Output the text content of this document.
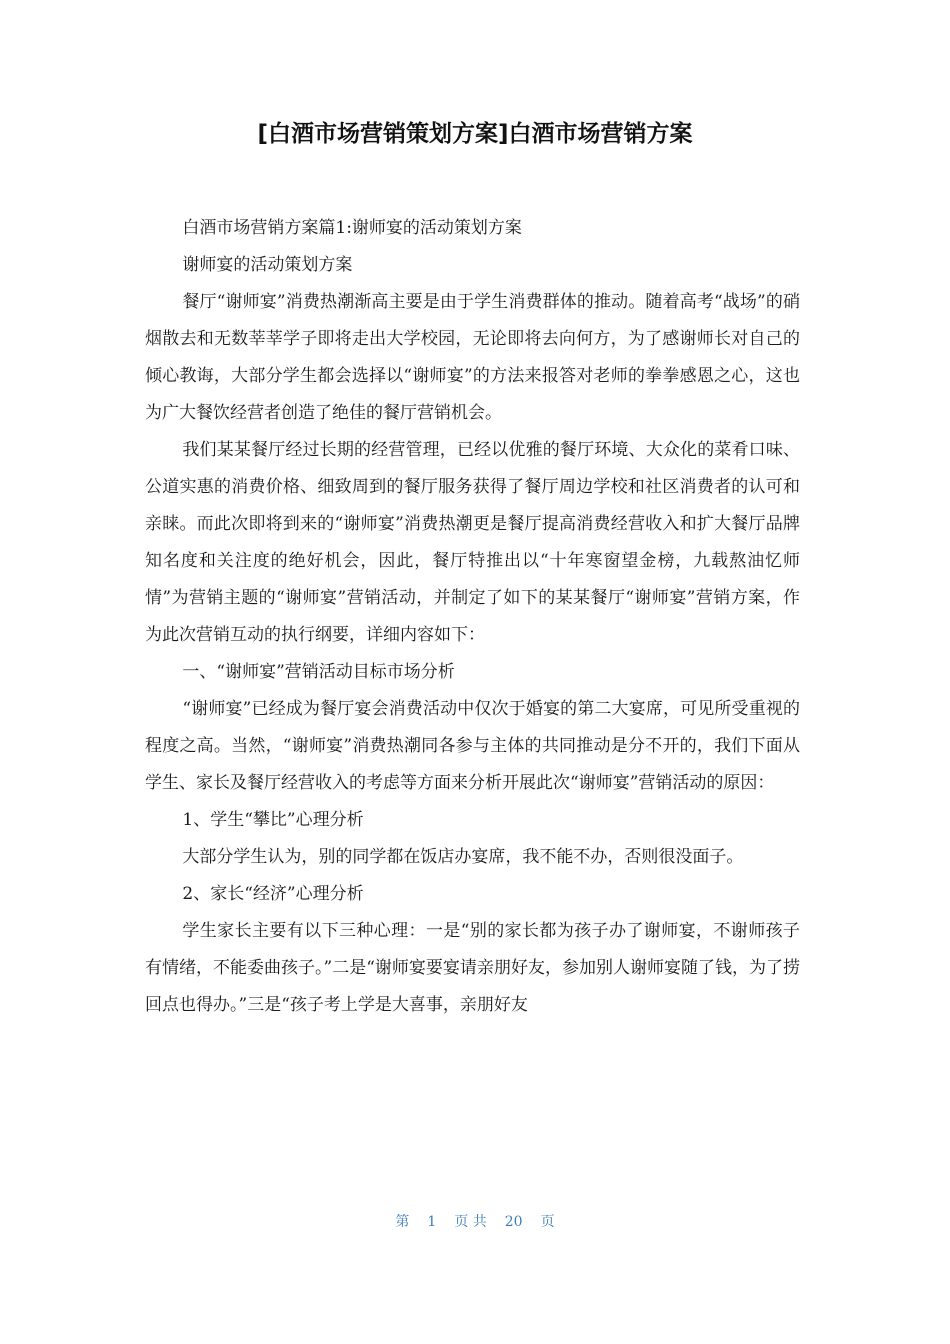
[白酒市场营销策划方案]白酒市场营销方案

白酒市场营销方案篇1:谢师宴的活动策划方案

谢师宴的活动策划方案

餐厅“谢师宴”消费热潮渐高主要是由于学生消费群体的推动。随着高考“战场”的硝烟散去和无数莘莘学子即将走出大学校园，无论即将去向何方，为了感谢师长对自己的倾心教诲，大部分学生都会选择以“谢师宴”的方法来报答对老师的拳拳感恩之心，这也为广大餐饮经营者创造了绝佳的餐厅营销机会。

我们某某餐厅经过长期的经营管理，已经以优雅的餐厅环境、大众化的菜肴口味、公道实惠的消费价格、细致周到的餐厅服务获得了餐厅周边学校和社区消费者的认可和亲睐。而此次即将到来的“谢师宴”消费热潮更是餐厅提高消费经营收入和扩大餐厅品牌知名度和关注度的绝好机会，因此，餐厅特推出以“十年寒窗望金榜，九载熬油忆师情”为营销主题的“谢师宴”营销活动，并制定了如下的某某餐厅“谢师宴”营销方案，作为此次营销互动的执行纲要，详细内容如下：

一、“谢师宴”营销活动目标市场分析

“谢师宴”已经成为餐厅宴会消费活动中仅次于婚宴的第二大宴席，可见所受重视的程度之高。当然，“谢师宴”消费热潮同各参与主体的共同推动是分不开的，我们下面从学生、家长及餐厅经营收入的考虑等方面来分析开展此次“谢师宴”营销活动的原因：

1、学生“攀比”心理分析

大部分学生认为，别的同学都在饭店办宴席，我不能不办，否则很没面子。

2、家长“经济”心理分析

学生家长主要有以下三种心理：一是“别的家长都为孩子办了谢师宴，不谢师孩子有情绪，不能委曲孩子。”二是“谢师宴要宴请亲朋好友，参加别人谢师宴随了钱，为了捞回点也得办。”三是“孩子考上学是大喜事，亲朋好友

第 1 页 共 20 页
